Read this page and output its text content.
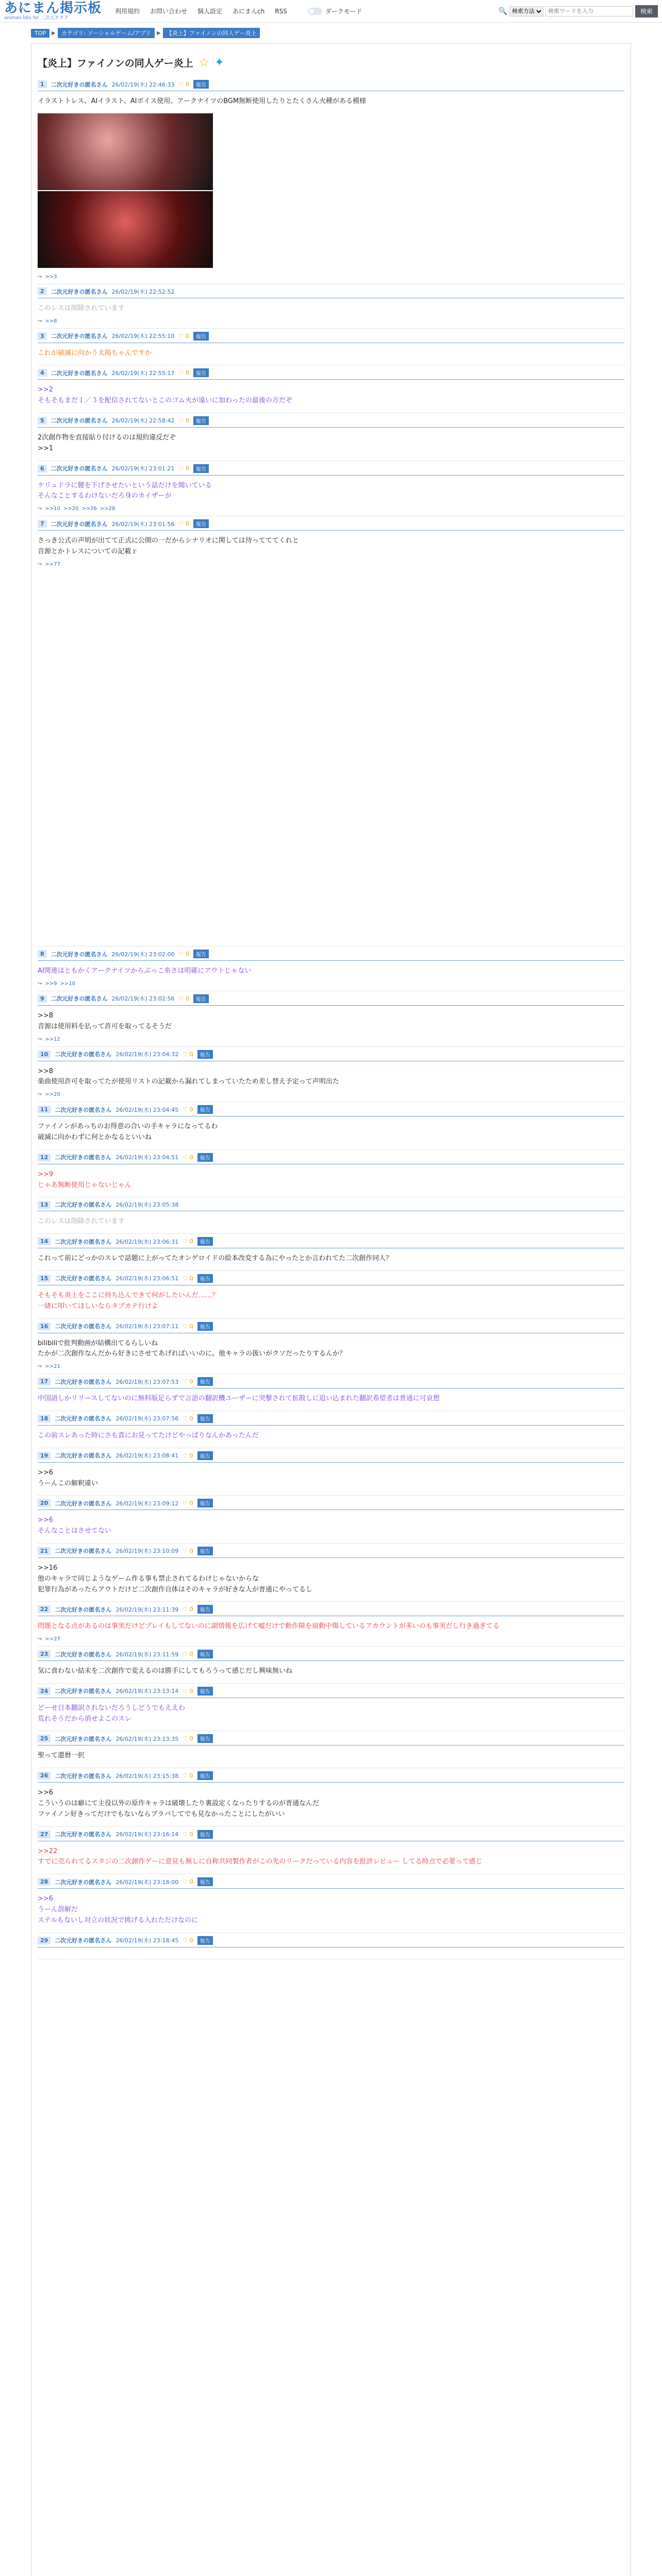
あにまん掲示板
animan bbs for 二次元オタク
利用規約 お問い合わせ 個人設定 あにまんch RSS	ダークモード	🔍
検索方法
検索ワードを入力	検索
TOP	▶	カテゴリ: ソーシャルゲーム/アプリ	▶	【炎上】ファイノンの同人ゲー炎上
【炎上】ファイノンの同人ゲー炎上 ☆ ✦
1	二次元好きの匿名さん 26/02/19(木) 22:46:33 ♡ 0	報告
イラストトレス、AIイラスト、AIボイス使用、アークナイツのBGM無断使用したりとたくさん火種がある模様
↪ >>3
2	二次元好きの匿名さん 26/02/19(木) 22:52:52
このレスは削除されています
↪ >>8
3	二次元好きの匿名さん 26/02/19(木) 22:55:10 ♡ 0	報告
これが破滅に向かう太陽ちゃんですか
4	二次元好きの匿名さん 26/02/19(木) 22:55:17 ♡ 0	報告
>>2
そもそもまだ１／３を配信されてないとこのゴム火が遠いに加わったの最後の方だぞ
5	二次元好きの匿名さん 26/02/19(木) 22:58:42 ♡ 0	報告
2次創作物を直接貼り付けるのは規約違反だぞ
>>1
6	二次元好きの匿名さん 26/02/19(木) 23:01:21 ♡ 0	報告
ケリュドラに腰を下げさせたいという話だけを聞いている
そんなことするわけないだろ身のカイザーが
↪ >>10 >>20 >>26 >>28
7	二次元好きの匿名さん 26/02/19(木) 23:01:56 ♡ 0	報告
さっき公式の声明が出てて正式に公開の一だからシナリオに関しては待ってててくれと
音源とかトレスについての記載ｒ
↪ >>77
8	二次元好きの匿名さん 26/02/19(木) 23:02:00 ♡ 0	報告
AI関連はともかくアークナイツからぶっこ糸さは明確にアウトじゃない
↪ >>9 >>10
9	二次元好きの匿名さん 26/02/19(木) 23:02:56 ♡ 0	報告
>>8
音源は使用料を払って許可を取ってるそうだ
↪ >>12
10	二次元好きの匿名さん 26/02/19(木) 23:04:32 ♡ 0	報告
>>8
楽曲使用許可を取ってたが使用リストの記載から漏れてしまっていたため差し替え予定って声明出た
↪ >>20
11	二次元好きの匿名さん 26/02/19(木) 23:04:45 ♡ 0	報告
ファイノンがあっちのお得意の合いの手キャラになってるわ
破滅に向かわずに何とかなるといいね
12	二次元好きの匿名さん 26/02/19(木) 23:04:51 ♡ 0	報告
>>9
じゃあ無断使用じゃないじゃん
13	二次元好きの匿名さん 26/02/19(木) 23:05:38
このレスは削除されています
14	二次元好きの匿名さん 26/02/19(木) 23:06:31 ♡ 0	報告
これって前にどっかのスレで話題に上がってたオンゲロイドの絵本改変する為にやったとか言われてた二次創作同人？
15	二次元好きの匿名さん 26/02/19(木) 23:06:51 ♡ 0	報告
そもそも炎上をここに持ち込んできて何がしたいんだ……？
一緒に叩いてほしいならタブカテ行けよ
16	二次元好きの匿名さん 26/02/19(木) 23:07:11 ♡ 0	報告
bilibiliで批判動画が結構出てるらしいね
たかが二次創作なんだから好きにさせてあげればいいのに。他キャラの扱いがクソだったりするんか？
↪ >>21
17	二次元好きの匿名さん 26/02/19(木) 23:07:53 ♡ 0	報告
中国語しかリリースしてないのに無料版足らずで言語の翻訳機ユーザーに突撃されて拡散しに追い込まれた翻訳希望者は普通に可哀想
18	二次元好きの匿名さん 26/02/19(木) 23:07:56 ♡ 0	報告
この前スレあった時にさも責にお見ってたけどやっぱりなんかあったんだ
19	二次元好きの匿名さん 26/02/19(木) 23:08:41 ♡ 0	報告
>>6
うーんこの解釈違い
20	二次元好きの匿名さん 26/02/19(木) 23:09:12 ♡ 0	報告
>>6
そんなことはさせてない
21	二次元好きの匿名さん 26/02/19(木) 23:10:09 ♡ 0	報告
>>16
他のキャラで同じようなゲーム作る事も禁止されてるわけじゃないからな
犯罪行為があったらアウトだけど二次創作自体はそのキャラが好きな人が普通にやってるし
22	二次元好きの匿名さん 26/02/19(木) 23:11:39 ♡ 0	報告
問題となる点があるのは事実だけどプレイもしてないのに副情報を広げて嘘だけで動作障を扇動中傷しているアカウントが多いのも事実だし行き過ぎてる
↪ >>27
23	二次元好きの匿名さん 26/02/19(木) 23:11:59 ♡ 0	報告
気に食わない結末を二次創作で変えるのは勝手にしてもろうって感じだし興味無いね
24	二次元好きの匿名さん 26/02/19(木) 23:13:14 ♡ 0	報告
どーせ日本翻訳されないだろうしどうでもええわ
荒れそうだから消せよこのスレ
25	二次元好きの匿名さん 26/02/19(木) 23:13:35 ♡ 0	報告
聖って還暦一択
26	二次元好きの匿名さん 26/02/19(木) 23:15:38 ♡ 0	報告
>>6
こういうのは癖にて主役以外の原作キャラは破壊したり裏設定くなったりするのが普通なんだ
ファイノン好きってだけでもないならブラバしてでも見なかったことにしたがいい
27	二次元好きの匿名さん 26/02/19(木) 23:16:14 ♡ 0	報告
>>22
すでに売られてるスタジの二次創作ゲーに意見も無しに自称共同製作者がこの先のリークだっている内容を批評レビュー してる時点で必要って感じ
28	二次元好きの匿名さん 26/02/19(木) 23:18:00 ♡ 0	報告
>>6
うーん誤解だ
ステルもないし対立の状況で挑げる入れただけなのに
29	二次元好きの匿名さん 26/02/19(木) 23:18:45 ♡ 0	報告
